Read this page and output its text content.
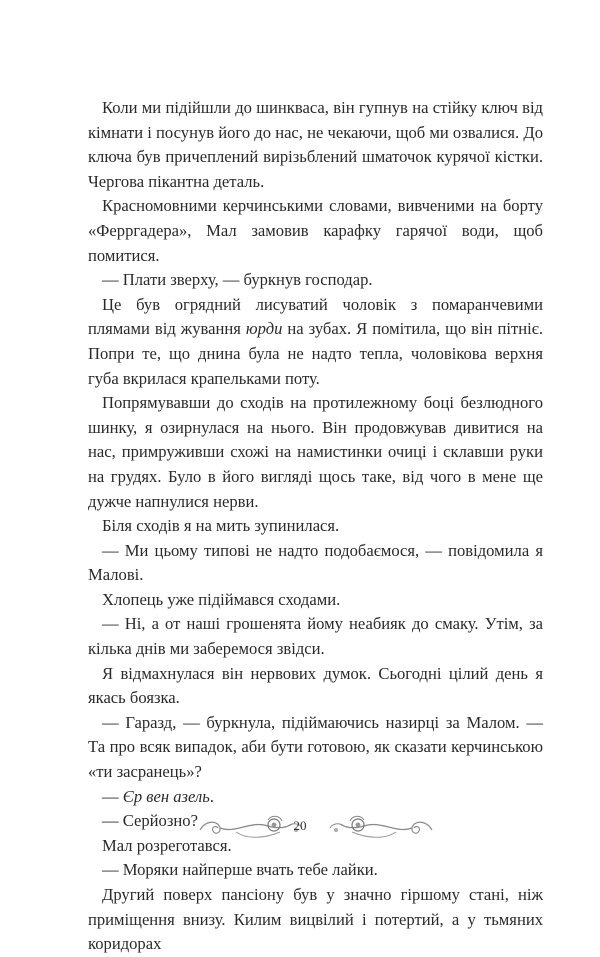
Коли ми підійшли до шинкваса, він гупнув на стійку ключ від кімнати і посунув його до нас, не чекаючи, щоб ми озвалися. До ключа був причеплений вирізьблений шматочок курячої кістки. Чергова пікантна деталь.

Красномовними керчинськими словами, вивченими на борту «Ферргадера», Мал замовив карафку гарячої води, щоб помитися.

— Плати зверху, — буркнув господар.

Це був огрядний лисуватий чоловік з помаранчевими плямами від жування юрди на зубах. Я помітила, що він пітніє. Попри те, що днина була не надто тепла, чоловікова верхня губа вкрилася крапельками поту.

Попрямувавши до сходів на протилежному боці безлюдного шинку, я озирнулася на нього. Він продовжував дивитися на нас, примруживши схожі на намистинки очиці і склавши руки на грудях. Було в його вигляді щось таке, від чого в мене ще дужче напнулися нерви.

Біля сходів я на мить зупинилася.

— Ми цьому типові не надто подобаємося, — повідомила я Малові.

Хлопець уже підіймався сходами.

— Ні, а от наші грошенята йому неабияк до смаку. Утім, за кілька днів ми заберемося звідси.

Я відмахнулася він нервових думок. Сьогодні цілий день я якась боязка.

— Гаразд, — буркнула, підіймаючись назирці за Малом. — Та про всяк випадок, аби бути готовою, як сказати керчинською «ти засранець»?

— Єр вен азель.

— Серйозно?

Мал розреготався.

— Моряки найперше вчать тебе лайки.

Другий поверх пансіону був у значно гіршому стані, ніж приміщення внизу. Килим вицвілий і потертий, а у тьмяних коридорах

20
